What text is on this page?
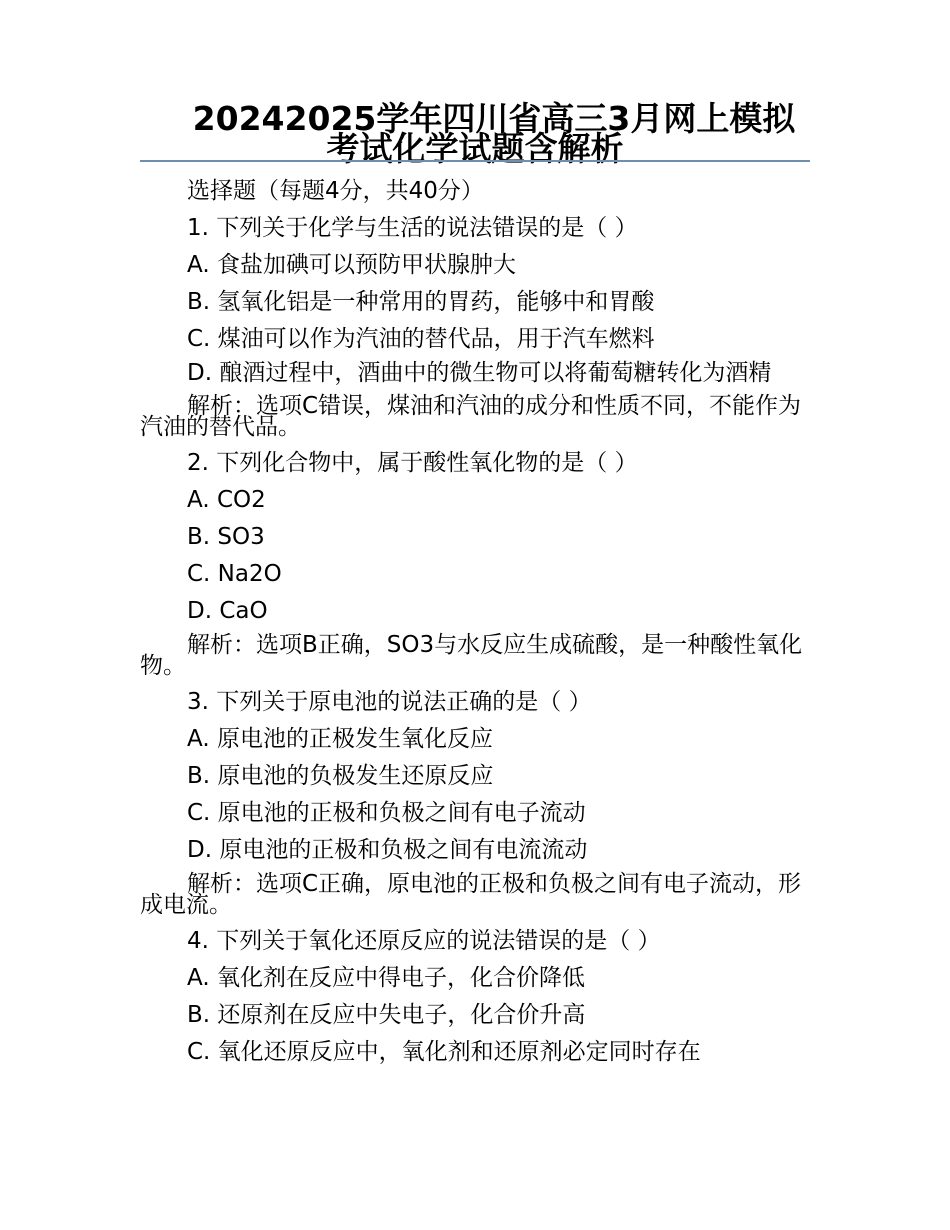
20242025学年四川省高三3月网上模拟考试化学试题含解析

选择题（每题4分，共40分）

1. 下列关于化学与生活的说法错误的是（ ）

A. 食盐加碘可以预防甲状腺肿大

B. 氢氧化铝是一种常用的胃药，能够中和胃酸

C. 煤油可以作为汽油的替代品，用于汽车燃料

D. 酿酒过程中，酒曲中的微生物可以将葡萄糖转化为酒精

解析：选项C错误，煤油和汽油的成分和性质不同，不能作为汽油的替代品。

2. 下列化合物中，属于酸性氧化物的是（ ）

A. CO2

B. SO3

C. Na2O

D. CaO

解析：选项B正确，SO3与水反应生成硫酸，是一种酸性氧化物。

3. 下列关于原电池的说法正确的是（ ）

A. 原电池的正极发生氧化反应

B. 原电池的负极发生还原反应

C. 原电池的正极和负极之间有电子流动

D. 原电池的正极和负极之间有电流流动

解析：选项C正确，原电池的正极和负极之间有电子流动，形成电流。

4. 下列关于氧化还原反应的说法错误的是（ ）

A. 氧化剂在反应中得电子，化合价降低

B. 还原剂在反应中失电子，化合价升高

C. 氧化还原反应中，氧化剂和还原剂必定同时存在
